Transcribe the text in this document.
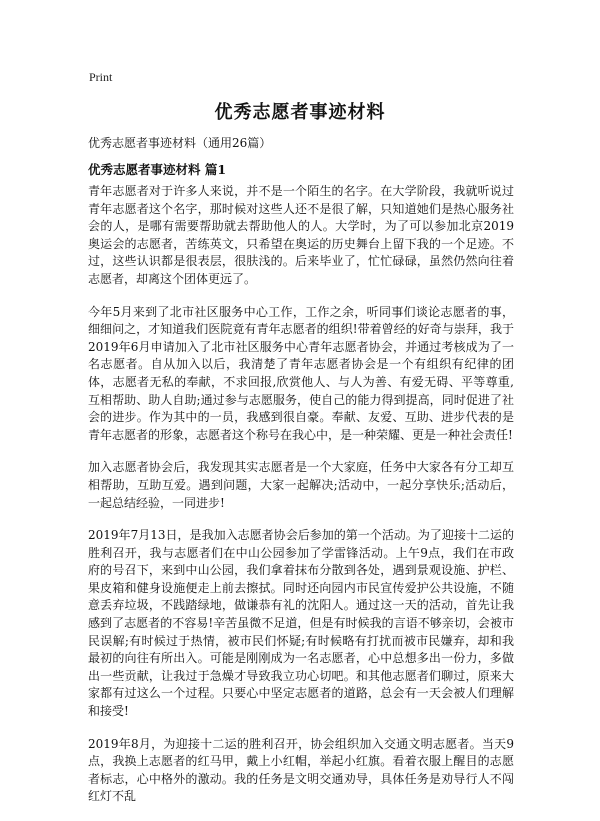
Print
优秀志愿者事迹材料
优秀志愿者事迹材料（通用26篇）
优秀志愿者事迹材料 篇1

青年志愿者对于许多人来说，并不是一个陌生的名字。在大学阶段，我就听说过青年志愿者这个名字，那时候对这些人还不是很了解，只知道她们是热心服务社会的人，是哪有需要帮助就去帮助他人的人。大学时，为了可以参加北京2019奥运会的志愿者，苦练英文，只希望在奥运的历史舞台上留下我的一个足迹。不过，这些认识都是很表层，很肤浅的。后来毕业了，忙忙碌碌，虽然仍然向往着志愿者，却离这个团体更远了。

今年5月来到了北市社区服务中心工作，工作之余，听同事们谈论志愿者的事，细细问之，才知道我们医院竟有青年志愿者的组织!带着曾经的好奇与崇拜，我于2019年6月申请加入了北市社区服务中心青年志愿者协会，并通过考核成为了一名志愿者。自从加入以后，我清楚了青年志愿者协会是一个有组织有纪律的团体，志愿者无私的奉献，不求回报,欣赏他人、与人为善、有爱无碍、平等尊重,互相帮助、助人自助;通过参与志愿服务，使自己的能力得到提高，同时促进了社会的进步。作为其中的一员，我感到很自豪。奉献、友爱、互助、进步代表的是青年志愿者的形象，志愿者这个称号在我心中，是一种荣耀、更是一种社会责任!

加入志愿者协会后，我发现其实志愿者是一个大家庭，任务中大家各有分工却互相帮助，互助互爱。遇到问题，大家一起解决;活动中，一起分享快乐;活动后，一起总结经验，一同进步!

2019年7月13日，是我加入志愿者协会后参加的第一个活动。为了迎接十二运的胜利召开，我与志愿者们在中山公园参加了学雷锋活动。上午9点，我们在市政府的号召下，来到中山公园，我们拿着抹布分散到各处，遇到景观设施、护栏、果皮箱和健身设施便走上前去擦拭。同时还向园内市民宣传爱护公共设施，不随意丢弃垃圾，不践踏绿地，做谦恭有礼的沈阳人。通过这一天的活动，首先让我感到了志愿者的不容易!辛苦虽微不足道，但是有时候我的言语不够亲切，会被市民误解;有时候过于热情，被市民们怀疑;有时候略有打扰而被市民嫌弃，却和我最初的向往有所出入。可能是刚刚成为一名志愿者，心中总想多出一份力，多做出一些贡献，让我过于急燥才导致我立功心切吧。和其他志愿者们聊过，原来大家都有过这么一个过程。只要心中坚定志愿者的道路，总会有一天会被人们理解和接受!

2019年8月，为迎接十二运的胜利召开，协会组织加入交通文明志愿者。当天9点，我换上志愿者的红马甲，戴上小红帽，举起小红旗。看着衣服上醒目的志愿者标志，心中格外的激动。我的任务是文明交通劝导，具体任务是劝导行人不闯红灯不乱
